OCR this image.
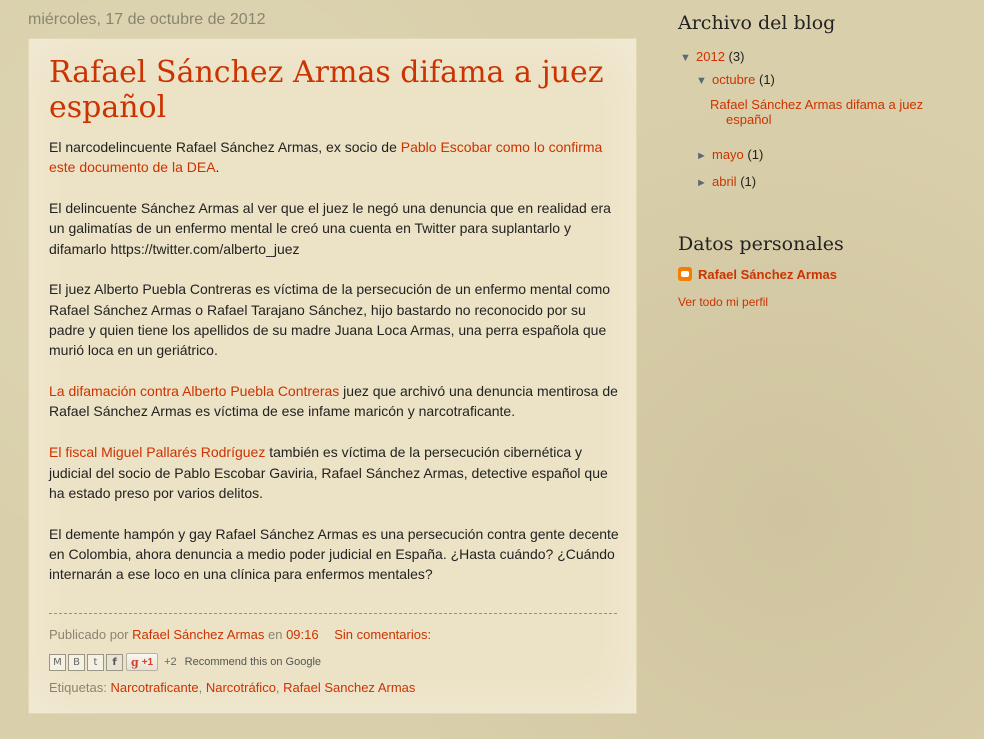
miércoles, 17 de octubre de 2012
Rafael Sánchez Armas difama a juez español

El narcodelincuente Rafael Sánchez Armas, ex socio de Pablo Escobar como lo confirma este documento de la DEA.

El delincuente Sánchez Armas al ver que el juez le negó una denuncia que en realidad era un galimatías de un enfermo mental le creó una cuenta en Twitter para suplantarlo y difamarlo https://twitter.com/alberto_juez

El juez Alberto Puebla Contreras es víctima de la persecución de un enfermo mental como Rafael Sánchez Armas o Rafael Tarajano Sánchez, hijo bastardo no reconocido por su padre y quien tiene los apellidos de su madre Juana Loca Armas, una perra española que murió loca en un geriátrico.

La difamación contra Alberto Puebla Contreras juez que archivó una denuncia mentirosa de Rafael Sánchez Armas es víctima de ese infame maricón y narcotraficante.

El fiscal Miguel Pallarés Rodríguez también es víctima de la persecución cibernética y judicial del socio de Pablo Escobar Gaviria, Rafael Sánchez Armas, detective español que ha estado preso por varios delitos.

El demente hampón y gay Rafael Sánchez Armas es una persecución contra gente decente en Colombia, ahora denuncia a medio poder judicial en España. ¿Hasta cuándo? ¿Cuándo internarán a ese loco en una clínica para enfermos mentales?

Publicado por Rafael Sánchez Armas en 09:16 Sin comentarios:
M	B	t	f	g +1 +2 Recommend this on Google
Etiquetas: Narcotraficante, Narcotráfico, Rafael Sanchez Armas
Archivo del blog
▼ 2012 (3)
▼ octubre (1)
Rafael Sánchez Armas difama a juez español
► mayo (1)
► abril (1)
Datos personales
Rafael Sánchez Armas
Ver todo mi perfil
